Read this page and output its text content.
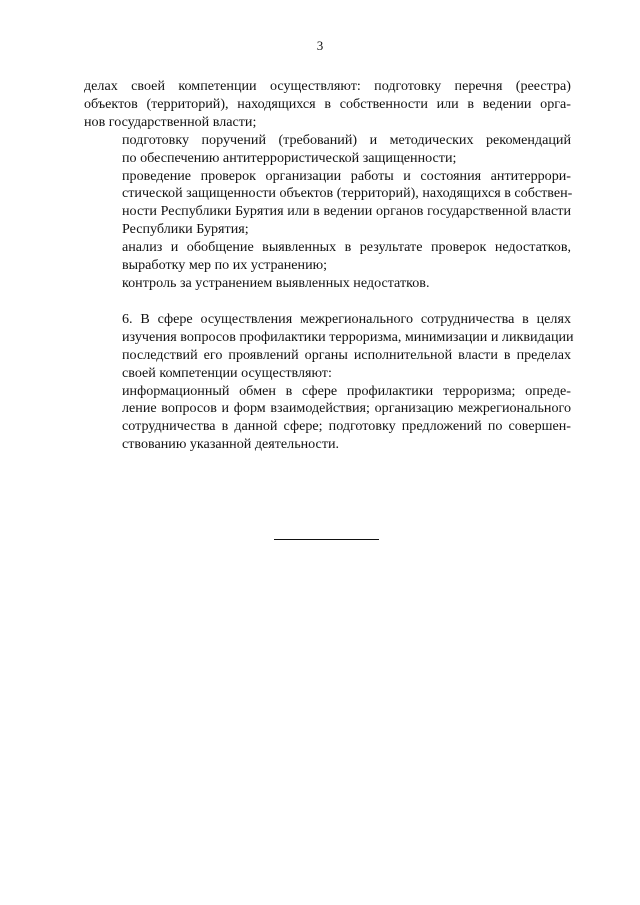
3

делах своей компетенции осуществляют: подготовку перечня (реестра)
объектов (территорий), находящихся в собственности или в ведении орга-
нов государственной власти;

подготовку поручений (требований) и методических рекомендаций
по обеспечению антитеррористической защищенности;

проведение проверок организации работы и состояния антитеррори-
стической защищенности объектов (территорий), находящихся в собствен-
ности Республики Бурятия или в ведении органов государственной власти
Республики Бурятия;

анализ и обобщение выявленных в результате проверок недостатков,
выработку мер по их устранению;

контроль за устранением выявленных недостатков.

6. В сфере осуществления межрегионального сотрудничества в целях
изучения вопросов профилактики терроризма, минимизации и ликвидации
последствий его проявлений органы исполнительной власти в пределах
своей компетенции осуществляют:

информационный обмен в сфере профилактики терроризма; опреде-
ление вопросов и форм взаимодействия; организацию межрегионального
сотрудничества в данной сфере; подготовку предложений по совершен-
ствованию указанной деятельности.
